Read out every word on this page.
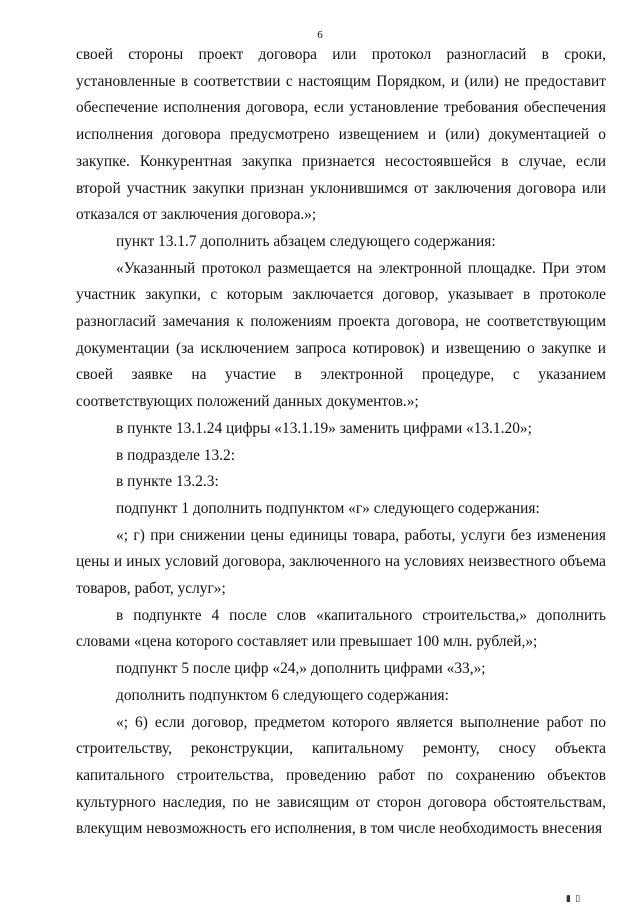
6

своей стороны проект договора или протокол разногласий в сроки, установленные в соответствии с настоящим Порядком, и (или) не предоставит обеспечение исполнения договора, если установление требования обеспечения исполнения договора предусмотрено извещением и (или) документацией о закупке. Конкурентная закупка признается несостоявшейся в случае, если второй участник закупки признан уклонившимся от заключения договора или отказался от заключения договора.»;

пункт 13.1.7 дополнить абзацем следующего содержания:

«Указанный протокол размещается на электронной площадке. При этом участник закупки, с которым заключается договор, указывает в протоколе разногласий замечания к положениям проекта договора, не соответствующим документации (за исключением запроса котировок) и извещению о закупке и своей заявке на участие в электронной процедуре, с указанием соответствующих положений данных документов.»;

в пункте 13.1.24 цифры «13.1.19» заменить цифрами «13.1.20»;

в подразделе 13.2:

в пункте 13.2.3:

подпункт 1 дополнить подпунктом «г» следующего содержания:

«; г) при снижении цены единицы товара, работы, услуги без изменения цены и иных условий договора, заключенного на условиях неизвестного объема товаров, работ, услуг»;

в подпункте 4 после слов «капитального строительства,» дополнить словами «цена которого составляет или превышает 100 млн. рублей,»;

подпункт 5 после цифр «24,» дополнить цифрами «33,»;

дополнить подпунктом 6 следующего содержания:

«; 6) если договор, предметом которого является выполнение работ по строительству, реконструкции, капитальному ремонту, сносу объекта капитального строительства, проведению работ по сохранению объектов культурного наследия, по не зависящим от сторон договора обстоятельствам, влекущим невозможность его исполнения, в том числе необходимость внесения

▮ ▯
